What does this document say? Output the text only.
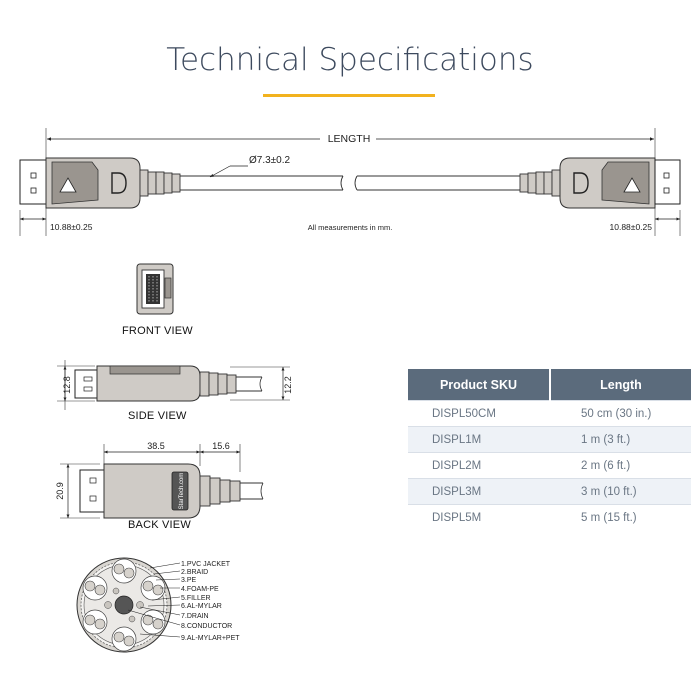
Technical Specifications
LENGTH
Ø7.3±0.2
10.88±0.25	10.88±0.25
All measurements in mm.
12.8	12.2
38.5	15.6
20.9	StarTech.com
1.PVC JACKET
2.BRAID
3.PE
4.FOAM-PE
5.FILLER
6.AL-MYLAR
7.DRAIN
8.CONDUCTOR
9.AL-MYLAR+PET
FRONT VIEW
SIDE VIEW
BACK VIEW
Product SKU	Length
DISPL50CM	50 cm (30 in.)
DISPL1M	1 m (3 ft.)
DISPL2M	2 m (6 ft.)
DISPL3M	3 m (10 ft.)
DISPL5M	5 m (15 ft.)
